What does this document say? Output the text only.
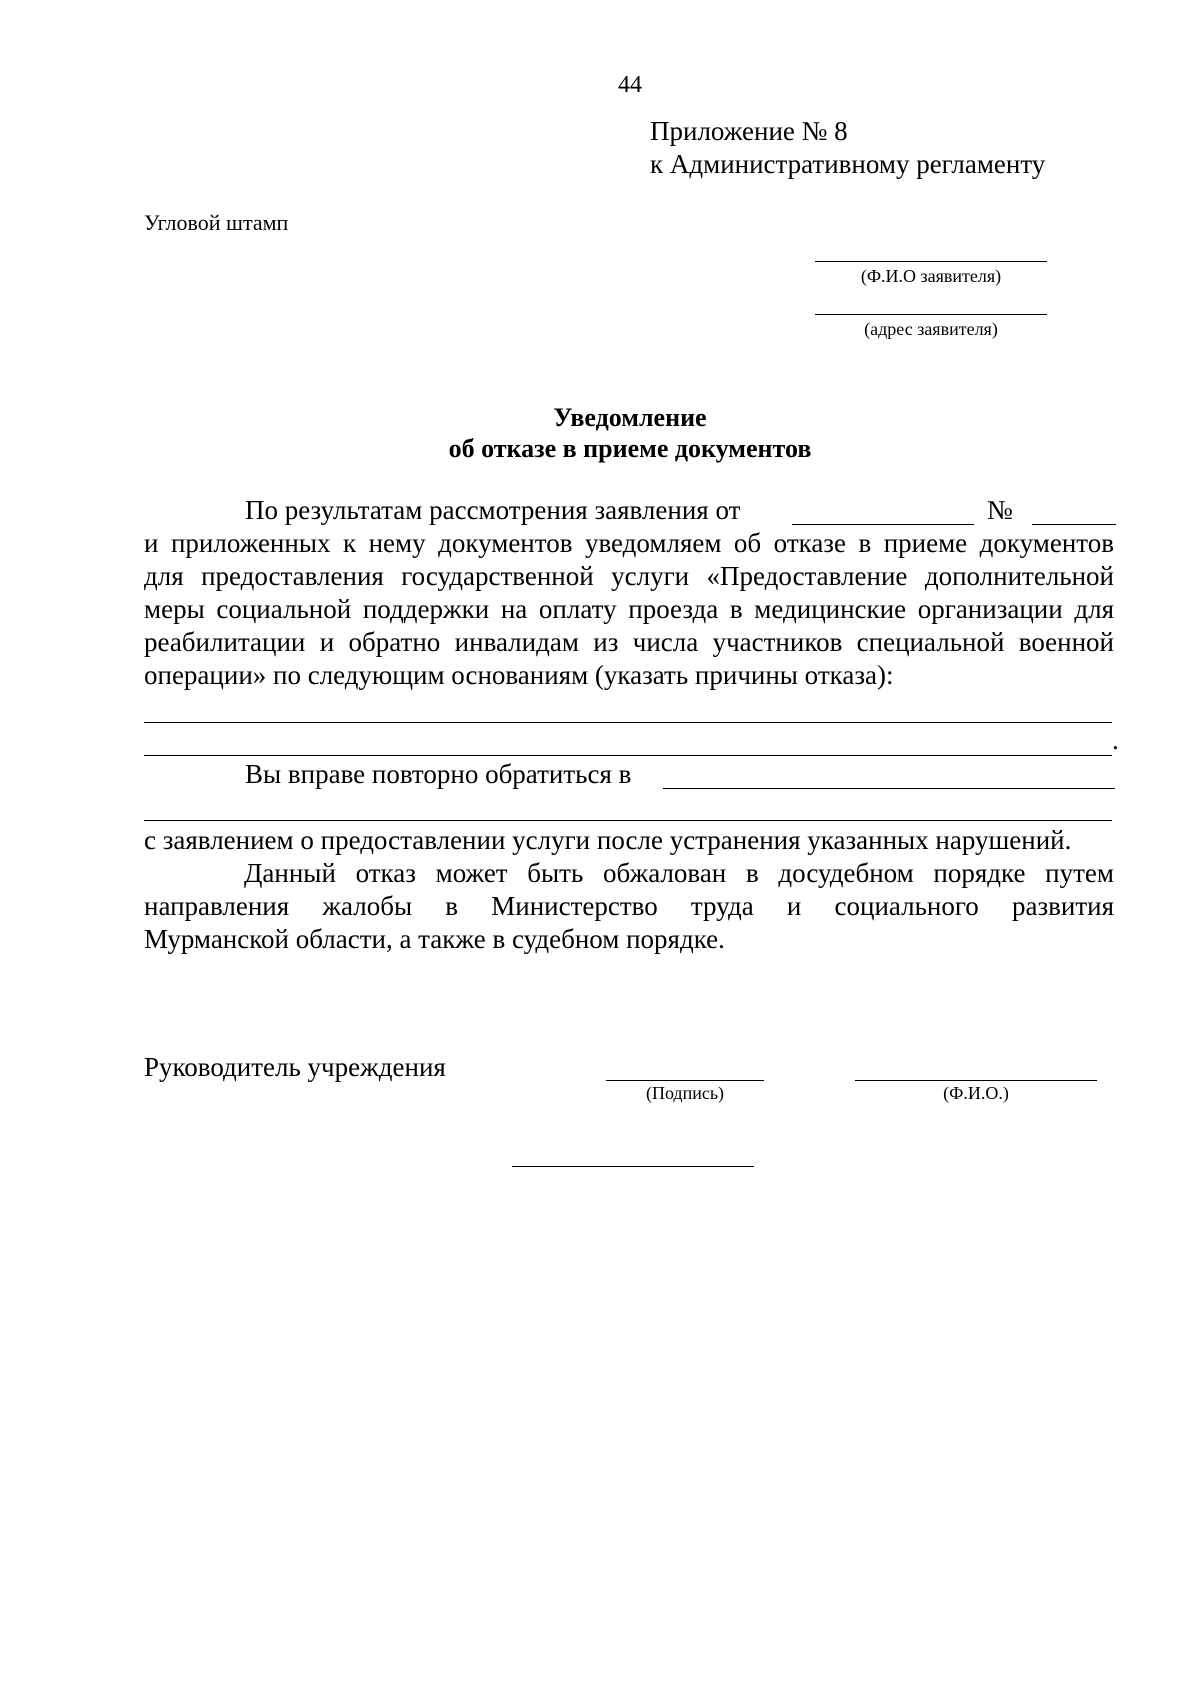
44
Приложение № 8
к Административному регламенту
Угловой штамп
(Ф.И.О заявителя)
(адрес заявителя)
Уведомление
об отказе в приеме документов
По результатам рассмотрения заявления от	№
и приложенных к нему документов уведомляем об отказе в приеме документов
для предоставления государственной услуги «Предоставление дополнительной
меры социальной поддержки на оплату проезда в медицинские организации для
реабилитации и обратно инвалидам из числа участников специальной военной
операции» по следующим основаниям (указать причины отказа):
.
Вы вправе повторно обратиться в
с заявлением о предоставлении услуги после устранения указанных нарушений.
Данный отказ может быть обжалован в досудебном порядке путем
направления жалобы в Министерство труда и социального развития
Мурманской области, а также в судебном порядке.
Руководитель учреждения
(Подпись)	(Ф.И.О.)
